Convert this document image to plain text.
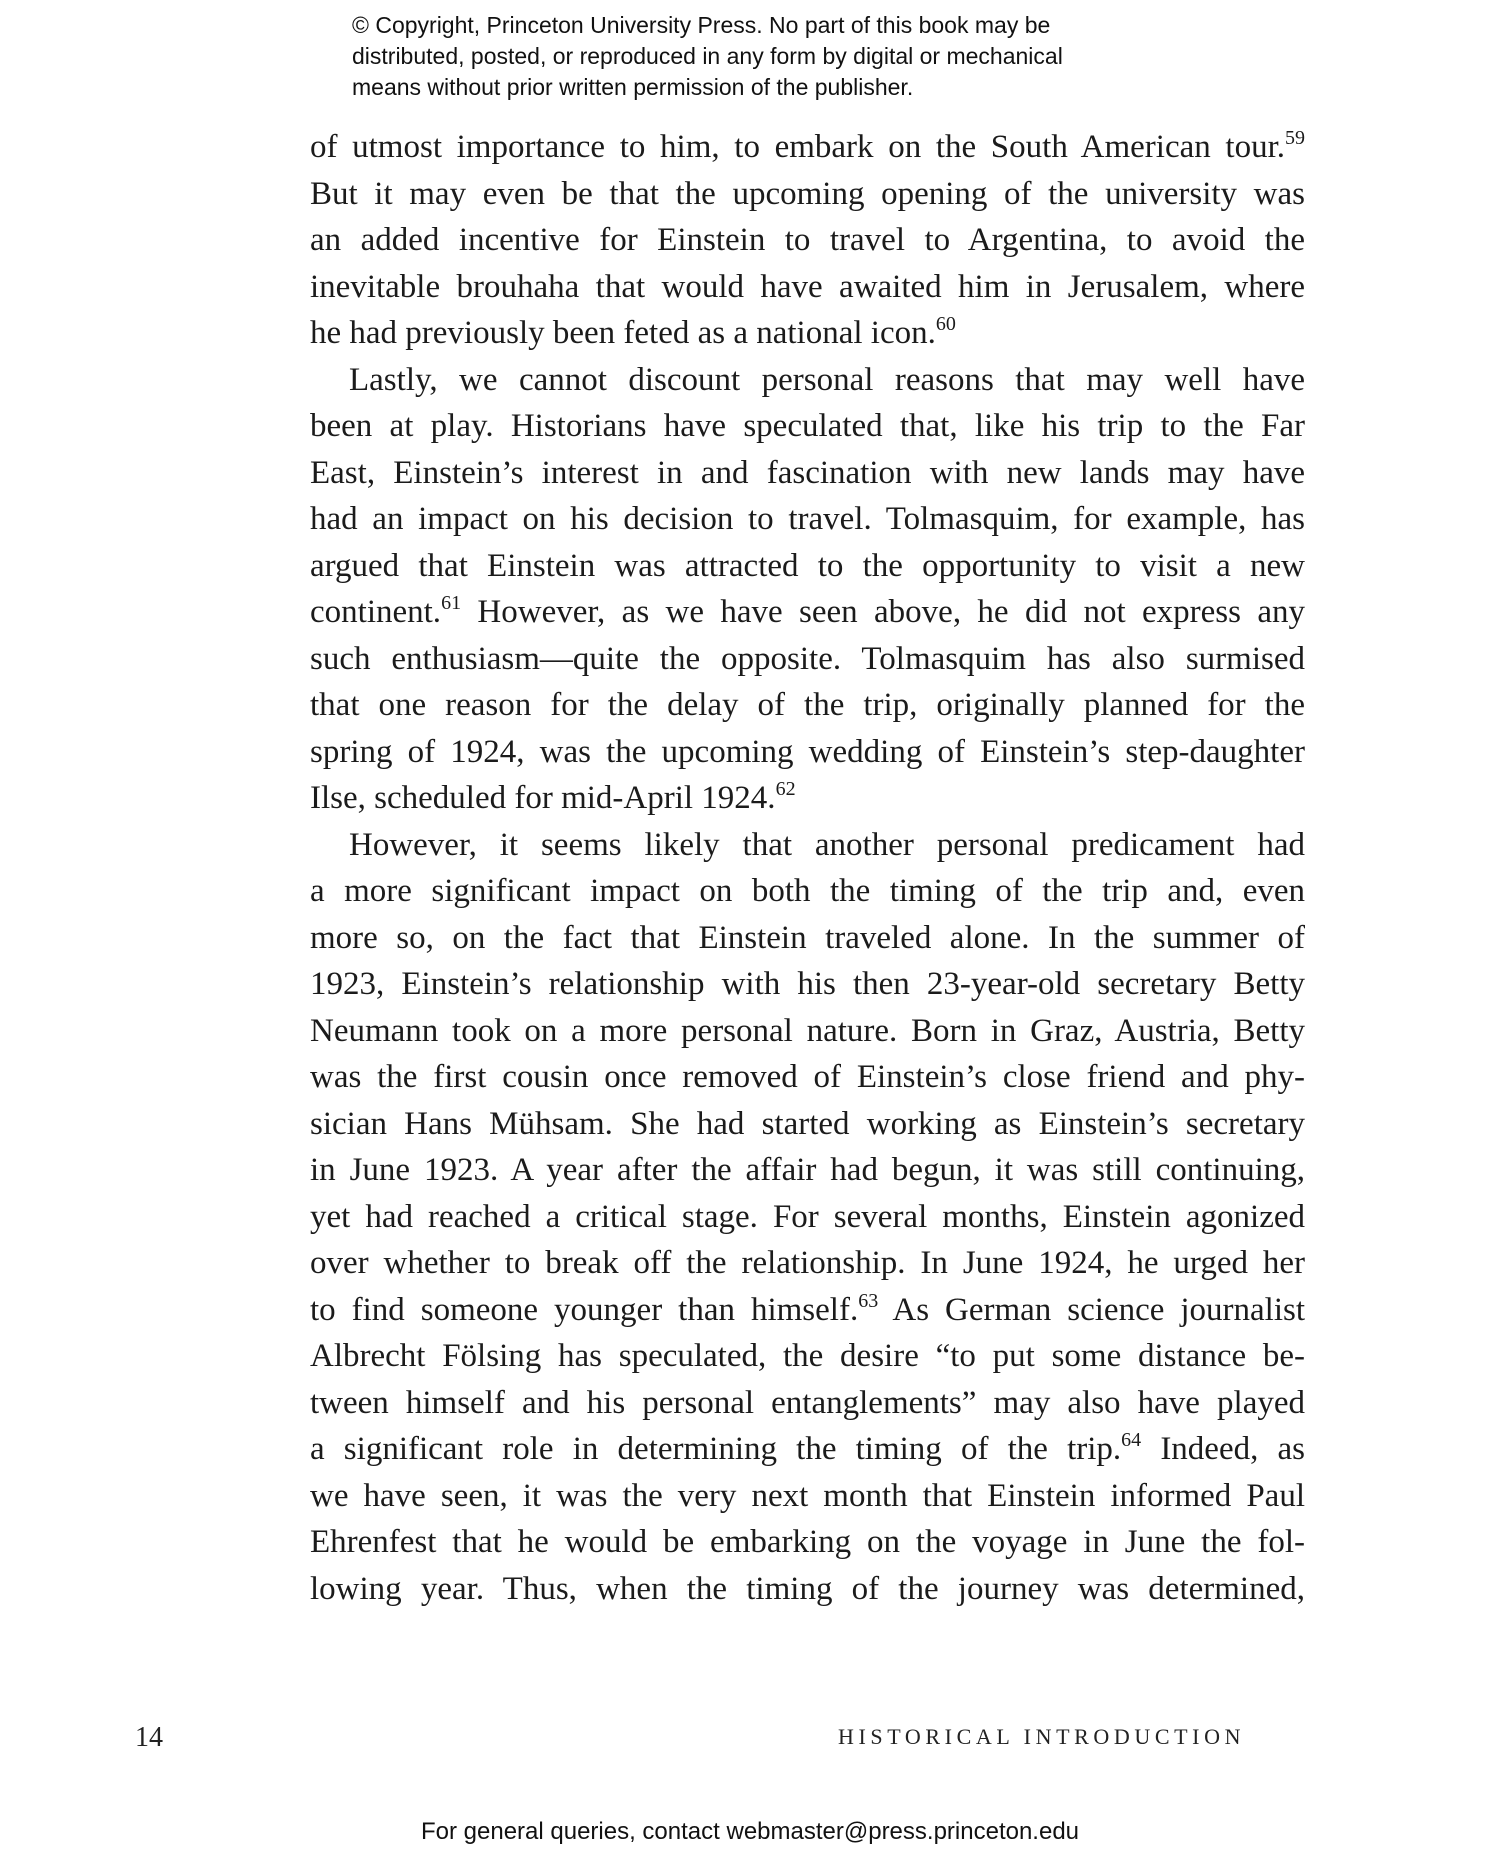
© Copyright, Princeton University Press. No part of this book may be
distributed, posted, or reproduced in any form by digital or mechanical
means without prior written permission of the publisher.
of utmost importance to him, to embark on the South American tour.$^{59}$
But it may even be that the upcoming opening of the university was
an added incentive for Einstein to travel to Argentina, to avoid the
inevitable brouhaha that would have awaited him in Jerusalem, where
he had previously been feted as a national icon.$^{60}$
Lastly, we cannot discount personal reasons that may well have
been at play. Historians have speculated that, like his trip to the Far
East, Einstein’s interest in and fascination with new lands may have
had an impact on his decision to travel. Tolmasquim, for example, has
argued that Einstein was attracted to the opportunity to visit a new
continent.$^{61}$ However, as we have seen above, he did not express any
such enthusiasm—quite the opposite. Tolmasquim has also surmised
that one reason for the delay of the trip, originally planned for the
spring of 1924, was the upcoming wedding of Einstein’s step-daughter
Ilse, scheduled for mid-April 1924.62
However, it seems likely that another personal predicament had
a more significant impact on both the timing of the trip and, even
more so, on the fact that Einstein traveled alone. In the summer of
1923, Einstein’s relationship with his then 23-year-old secretary Betty
Neumann took on a more personal nature. Born in Graz, Austria, Betty
was the first cousin once removed of Einstein’s close friend and phy-
sician Hans Mühsam. She had started working as Einstein’s secretary
in June 1923. A year after the affair had begun, it was still continuing,
yet had reached a critical stage. For several months, Einstein agonized
over whether to break off the relationship. In June 1924, he urged her
to find someone younger than himself.$^{63}$ As German science journalist
Albrecht Fölsing has speculated, the desire “to put some distance be-
tween himself and his personal entanglements” may also have played
a significant role in determining the timing of the trip.$^{64}$ Indeed, as
we have seen, it was the very next month that Einstein informed Paul
Ehrenfest that he would be embarking on the voyage in June the fol-
lowing year. Thus, when the timing of the journey was determined,
14	HISTORICAL INTRODUCTION
For general queries, contact webmaster@press.princeton.edu
